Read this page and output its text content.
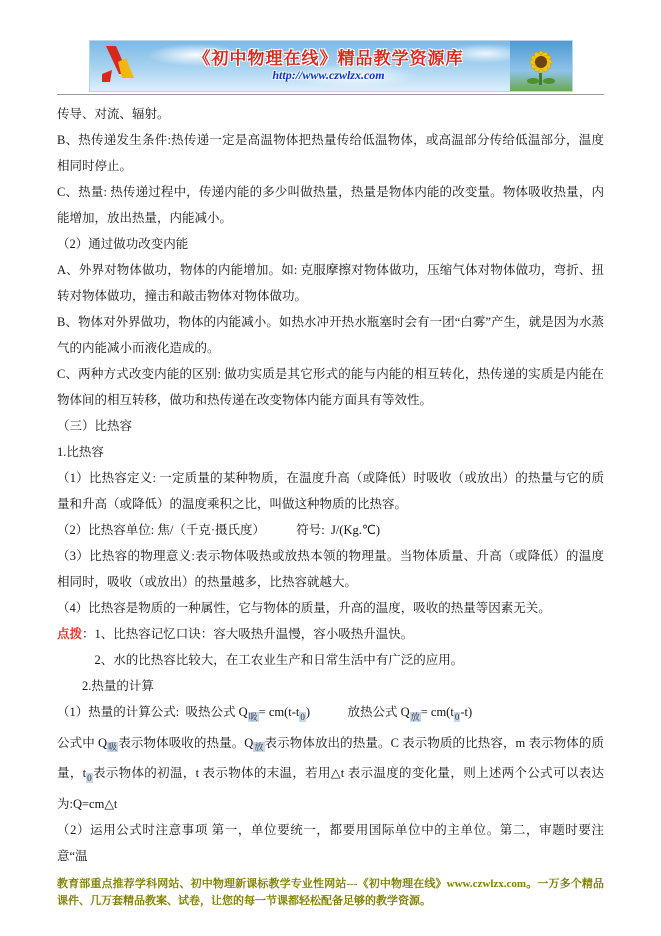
《初中物理在线》精品教学资源库
http://www.czwlzx.com

传导、对流、辐射。

B、热传递发生条件:热传递一定是高温物体把热量传给低温物体，或高温部分传给低温部分，温度相同时停止。

C、热量: 热传递过程中，传递内能的多少叫做热量，热量是物体内能的改变量。物体吸收热量，内能增加，放出热量，内能减小。

（2）通过做功改变内能

A、外界对物体做功，物体的内能增加。如: 克服摩擦对物体做功，压缩气体对物体做功，弯折、扭转对物体做功，撞击和敲击物体对物体做功。

B、物体对外界做功，物体的内能减小。如热水冲开热水瓶塞时会有一团“白雾”产生，就是因为水蒸气的内能减小而液化造成的。

C、两种方式改变内能的区别: 做功实质是其它形式的能与内能的相互转化，热传递的实质是内能在物体间的相互转移，做功和热传递在改变物体内能方面具有等效性。

（三）比热容

1.比热容

（1）比热容定义: 一定质量的某种物质，在温度升高（或降低）时吸收（或放出）的热量与它的质量和升高（或降低）的温度乘积之比，叫做这种物质的比热容。

（2）比热容单位: 焦/（千克·摄氏度）　　　符号:  J/(Kg.℃)

（3）比热容的物理意义:表示物体吸热或放热本领的物理量。当物体质量、升高（或降低）的温度相同时，吸收（或放出）的热量越多，比热容就越大。

（4）比热容是物质的一种属性，它与物体的质量，升高的温度，吸收的热量等因素无关。

点拨：1、比热容记忆口诀：容大吸热升温慢，容小吸热升温快。

　　　2、水的比热容比较大，在工农业生产和日常生活中有广泛的应用。

　　2.热量的计算

（1）热量的计算公式:  吸热公式 $Q_吸= cm(t-t_0)$　　　放热公式 $Q_放= cm(t_0-t)$

公式中 $Q_吸$表示物体吸收的热量。$Q_放$表示物体放出的热量。C 表示物质的比热容，m 表示物体的质量，$t_0$表示物体的初温，t 表示物体的末温，若用△t 表示温度的变化量，则上述两个公式可以表达为:Q=cm△t

（2）运用公式时注意事项 第一，单位要统一，都要用国际单位中的主单位。第二，审题时要注意“温

教育部重点推荐学科网站、初中物理新课标教学专业性网站---《初中物理在线》www.czwlzx.com。一万多个精品课件、几万套精品教案、试卷，让您的每一节课都轻松配备足够的教学资源。
